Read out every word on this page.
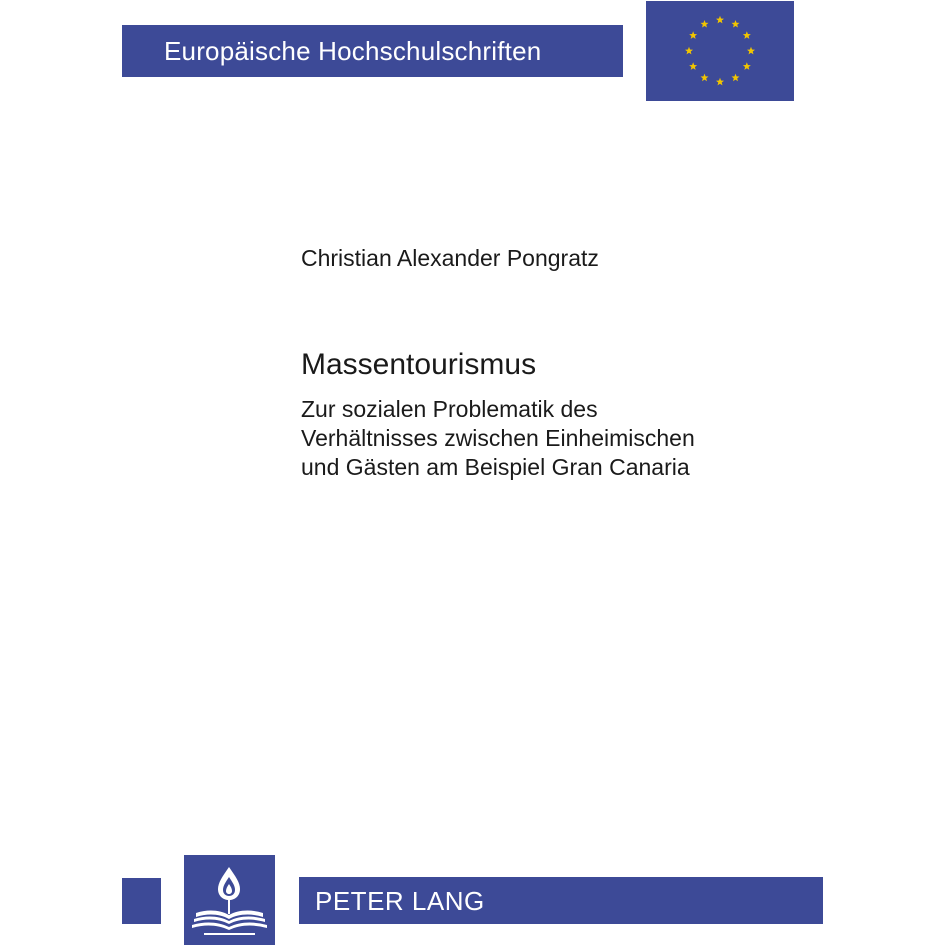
Europäische Hochschulschriften
Christian Alexander Pongratz
Massentourismus
Zur sozialen Problematik des
Verhältnisses zwischen Einheimischen
und Gästen am Beispiel Gran Canaria
PETER LANG
